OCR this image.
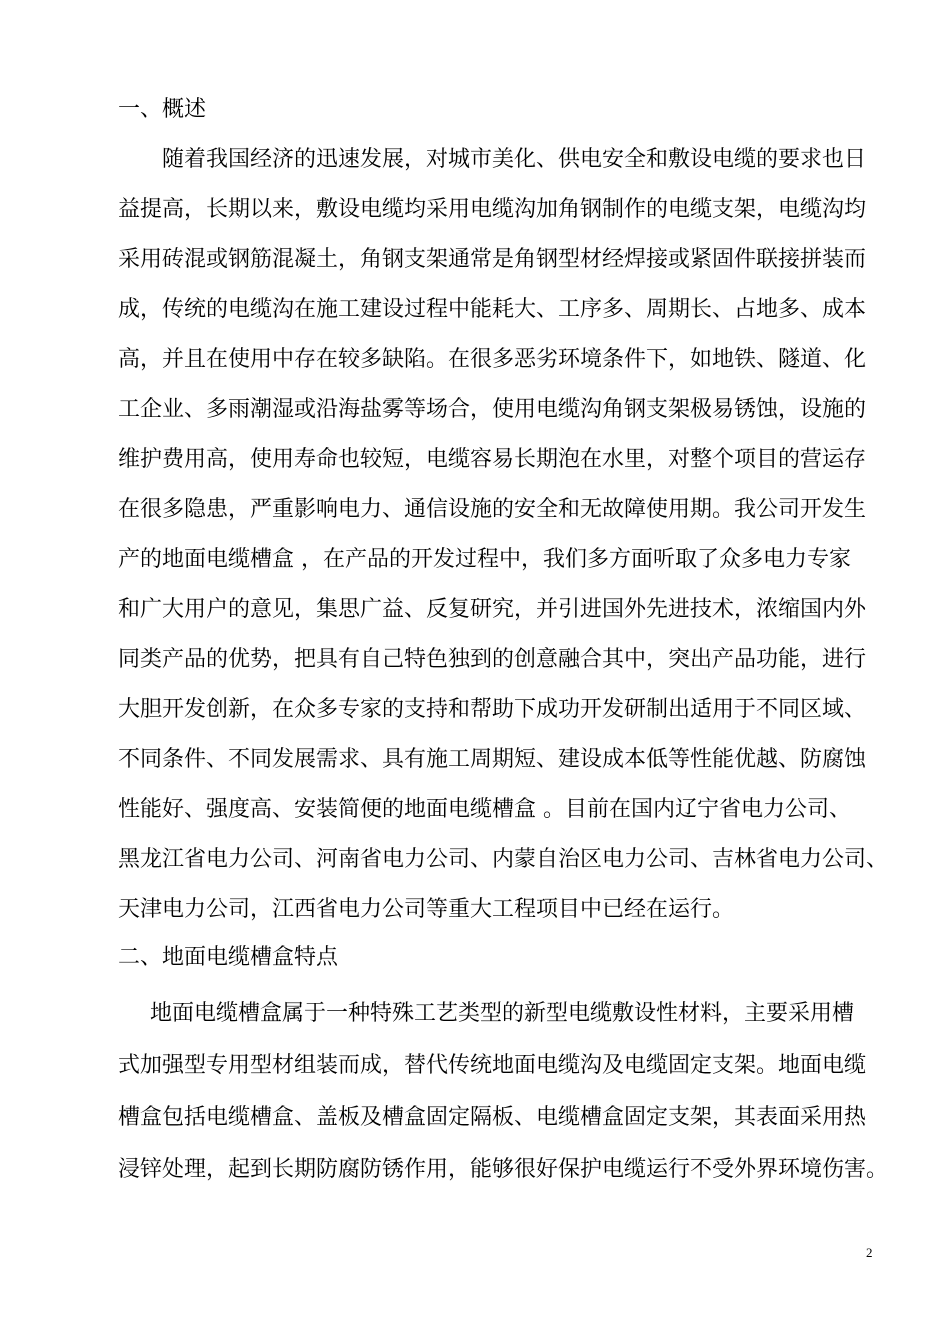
一、概述
随着我国经济的迅速发展，对城市美化、供电安全和敷设电缆的要求也日
益提高，长期以来，敷设电缆均采用电缆沟加角钢制作的电缆支架，电缆沟均
采用砖混或钢筋混凝土，角钢支架通常是角钢型材经焊接或紧固件联接拼装而
成，传统的电缆沟在施工建设过程中能耗大、工序多、周期长、占地多、成本
高，并且在使用中存在较多缺陷。在很多恶劣环境条件下，如地铁、隧道、化
工企业、多雨潮湿或沿海盐雾等场合，使用电缆沟角钢支架极易锈蚀，设施的
维护费用高，使用寿命也较短，电缆容易长期泡在水里，对整个项目的营运存
在很多隐患，严重影响电力、通信设施的安全和无故障使用期。我公司开发生
产的地面电缆槽盒 ，在产品的开发过程中，我们多方面听取了众多电力专家
和广大用户的意见，集思广益、反复研究，并引进国外先进技术，浓缩国内外
同类产品的优势，把具有自己特色独到的创意融合其中，突出产品功能，进行
大胆开发创新，在众多专家的支持和帮助下成功开发研制出适用于不同区域、
不同条件、不同发展需求、具有施工周期短、建设成本低等性能优越、防腐蚀
性能好、强度高、安装简便的地面电缆槽盒 。目前在国内辽宁省电力公司、
黑龙江省电力公司、河南省电力公司、内蒙自治区电力公司、吉林省电力公司、
天津电力公司，江西省电力公司等重大工程项目中已经在运行。
二、地面电缆槽盒特点
地面电缆槽盒属于一种特殊工艺类型的新型电缆敷设性材料，主要采用槽
式加强型专用型材组装而成，替代传统地面电缆沟及电缆固定支架。地面电缆
槽盒包括电缆槽盒、盖板及槽盒固定隔板、电缆槽盒固定支架，其表面采用热
浸锌处理，起到长期防腐防锈作用，能够很好保护电缆运行不受外界环境伤害。
2
